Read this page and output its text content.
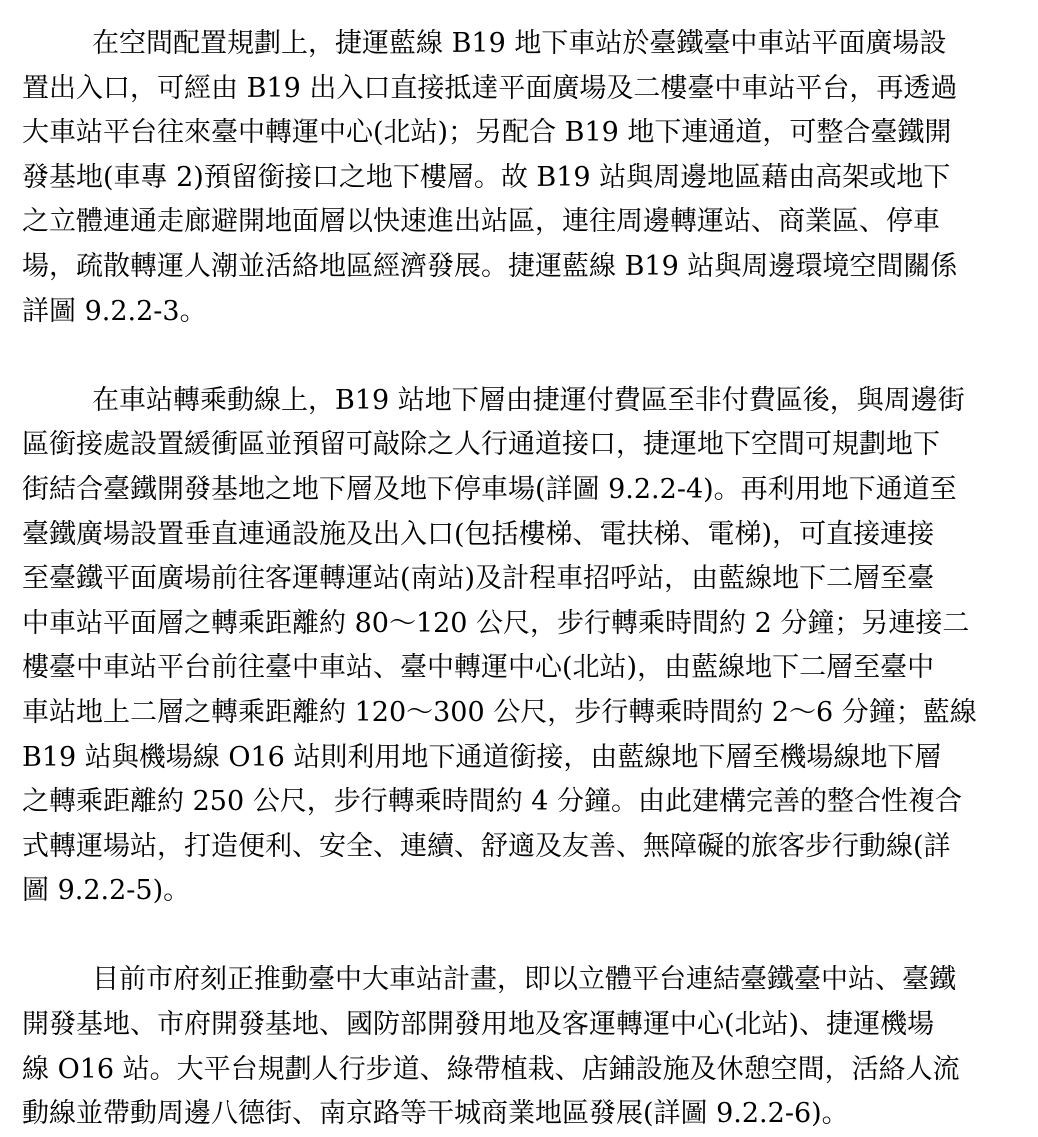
在空間配置規劃上，捷運藍線 B19 地下車站於臺鐵臺中車站平面廣場設
置出入口，可經由 B19 出入口直接抵達平面廣場及二樓臺中車站平台，再透過
大車站平台往來臺中轉運中心(北站)；另配合 B19 地下連通道，可整合臺鐵開
發基地(車專 2)預留銜接口之地下樓層。故 B19 站與周邊地區藉由高架或地下
之立體連通走廊避開地面層以快速進出站區，連往周邊轉運站、商業區、停車
場，疏散轉運人潮並活絡地區經濟發展。捷運藍線 B19 站與周邊環境空間關係
詳圖 9.2.2-3。
在車站轉乘動線上，B19 站地下層由捷運付費區至非付費區後，與周邊街
區銜接處設置緩衝區並預留可敲除之人行通道接口，捷運地下空間可規劃地下
街結合臺鐵開發基地之地下層及地下停車場(詳圖 9.2.2-4)。再利用地下通道至
臺鐵廣場設置垂直連通設施及出入口(包括樓梯、電扶梯、電梯)，可直接連接
至臺鐵平面廣場前往客運轉運站(南站)及計程車招呼站，由藍線地下二層至臺
中車站平面層之轉乘距離約 80～120 公尺，步行轉乘時間約 2 分鐘；另連接二
樓臺中車站平台前往臺中車站、臺中轉運中心(北站)，由藍線地下二層至臺中
車站地上二層之轉乘距離約 120～300 公尺，步行轉乘時間約 2～6 分鐘；藍線
B19 站與機場線 O16 站則利用地下通道銜接，由藍線地下層至機場線地下層
之轉乘距離約 250 公尺，步行轉乘時間約 4 分鐘。由此建構完善的整合性複合
式轉運場站，打造便利、安全、連續、舒適及友善、無障礙的旅客步行動線(詳
圖 9.2.2-5)。
目前市府刻正推動臺中大車站計畫，即以立體平台連結臺鐵臺中站、臺鐵
開發基地、市府開發基地、國防部開發用地及客運轉運中心(北站)、捷運機場
線 O16 站。大平台規劃人行步道、綠帶植栽、店鋪設施及休憩空間，活絡人流
動線並帶動周邊八德街、南京路等干城商業地區發展(詳圖 9.2.2-6)。
